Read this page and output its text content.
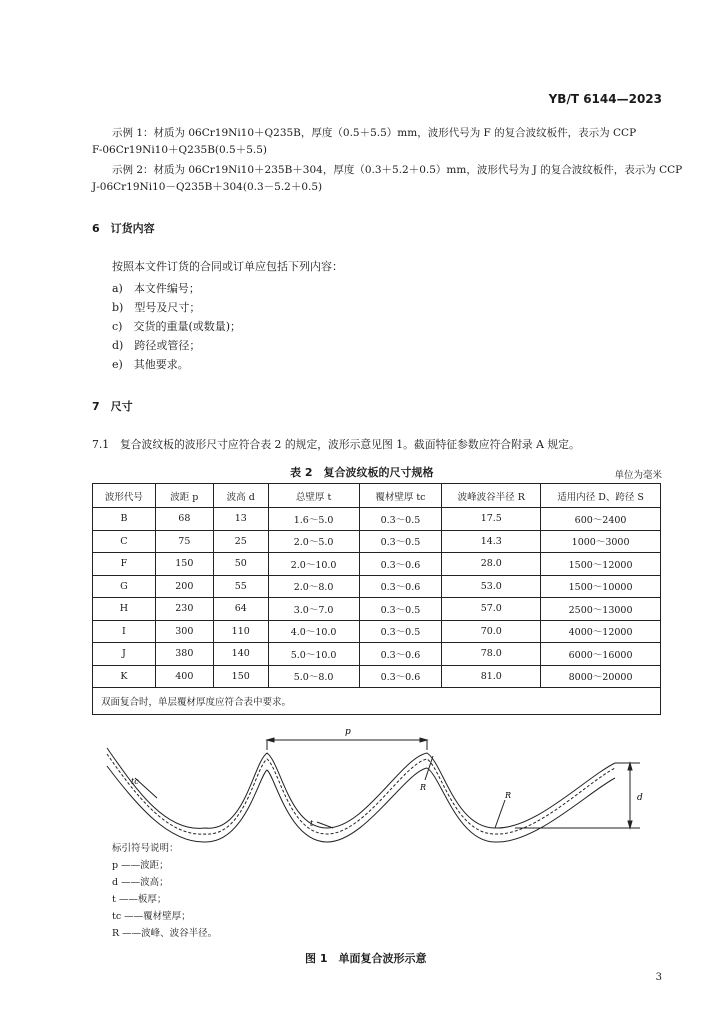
YB/T 6144—2023
示例 1：材质为 06Cr19Ni10＋Q235B，厚度（0.5＋5.5）mm，波形代号为 F 的复合波纹板件，表示为 CCP
F-06Cr19Ni10＋Q235B(0.5＋5.5)
示例 2：材质为 06Cr19Ni10＋235B＋304，厚度（0.3＋5.2＋0.5）mm，波形代号为 J 的复合波纹板件，表示为 CCP
J-06Cr19Ni10－Q235B＋304(0.3－5.2＋0.5)
6　订货内容
按照本文件订货的合同或订单应包括下列内容：
a)　本文件编号；
b)　型号及尺寸；
c)　交货的重量(或数量)；
d)　跨径或管径；
e)　其他要求。
7　尺寸
7.1　复合波纹板的波形尺寸应符合表 2 的规定，波形示意见图 1。截面特征参数应符合附录 A 规定。
表 2　复合波纹板的尺寸规格	单位为毫米
波形代号	波距 p	波高 d	总壁厚 t	覆材壁厚 tc	波峰波谷半径 R	适用内径 D、跨径 S
B	68	13	1.6～5.0	0.3～0.5	17.5	600～2400
C	75	25	2.0～5.0	0.3～0.5	14.3	1000～3000
F	150	50	2.0～10.0	0.3～0.6	28.0	1500～12000
G	200	55	2.0～8.0	0.3～0.6	53.0	1500～10000
H	230	64	3.0～7.0	0.3～0.5	57.0	2500～13000
I	300	110	4.0～10.0	0.3～0.5	70.0	4000～12000
J	380	140	5.0～10.0	0.3～0.6	78.0	6000～16000
K	400	150	5.0～8.0	0.3～0.6	81.0	8000～20000
双面复合时，单层覆材厚度应符合表中要求。						
p
d
tc
t
R
R
标引符号说明：
p ——波距；
d ——波高；
t ——板厚；
tc ——覆材壁厚；
R ——波峰、波谷半径。
图 1　单面复合波形示意
3
